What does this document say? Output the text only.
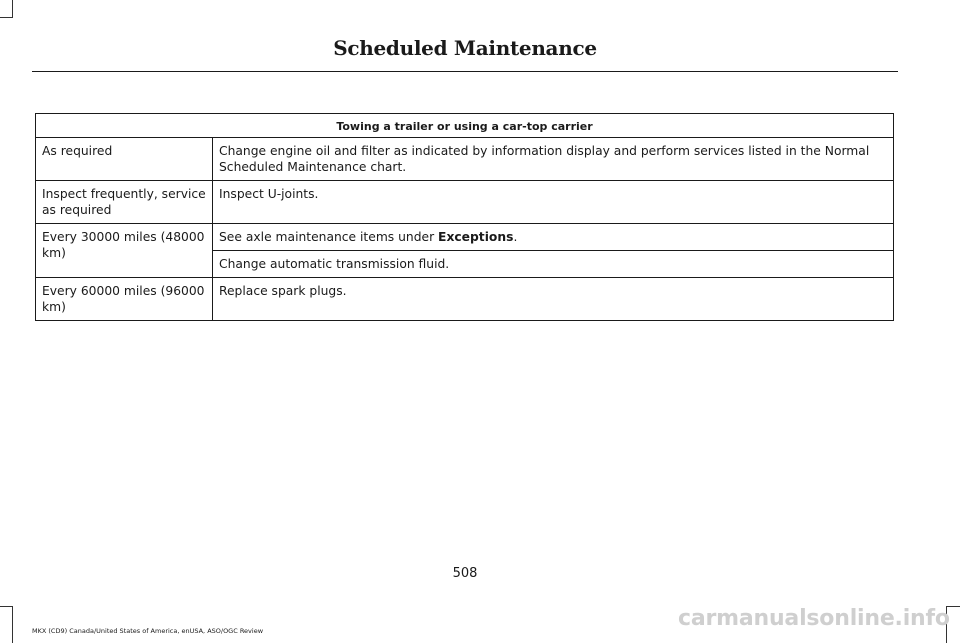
Scheduled Maintenance
Towing a trailer or using a car-top carrier	
As required	Change engine oil and filter as indicated by information display and perform services listed in the Normal Scheduled Maintenance chart.
Inspect frequently, service as required	Inspect U-joints.
Every 30000 miles (48000 km)	See axle maintenance items under Exceptions.
	Change automatic transmission fluid.
Every 60000 miles (96000 km)	Replace spark plugs.
508
MKX (CD9) Canada/United States of America, enUSA, ASO/OGC Review	carmanualsonline.info
